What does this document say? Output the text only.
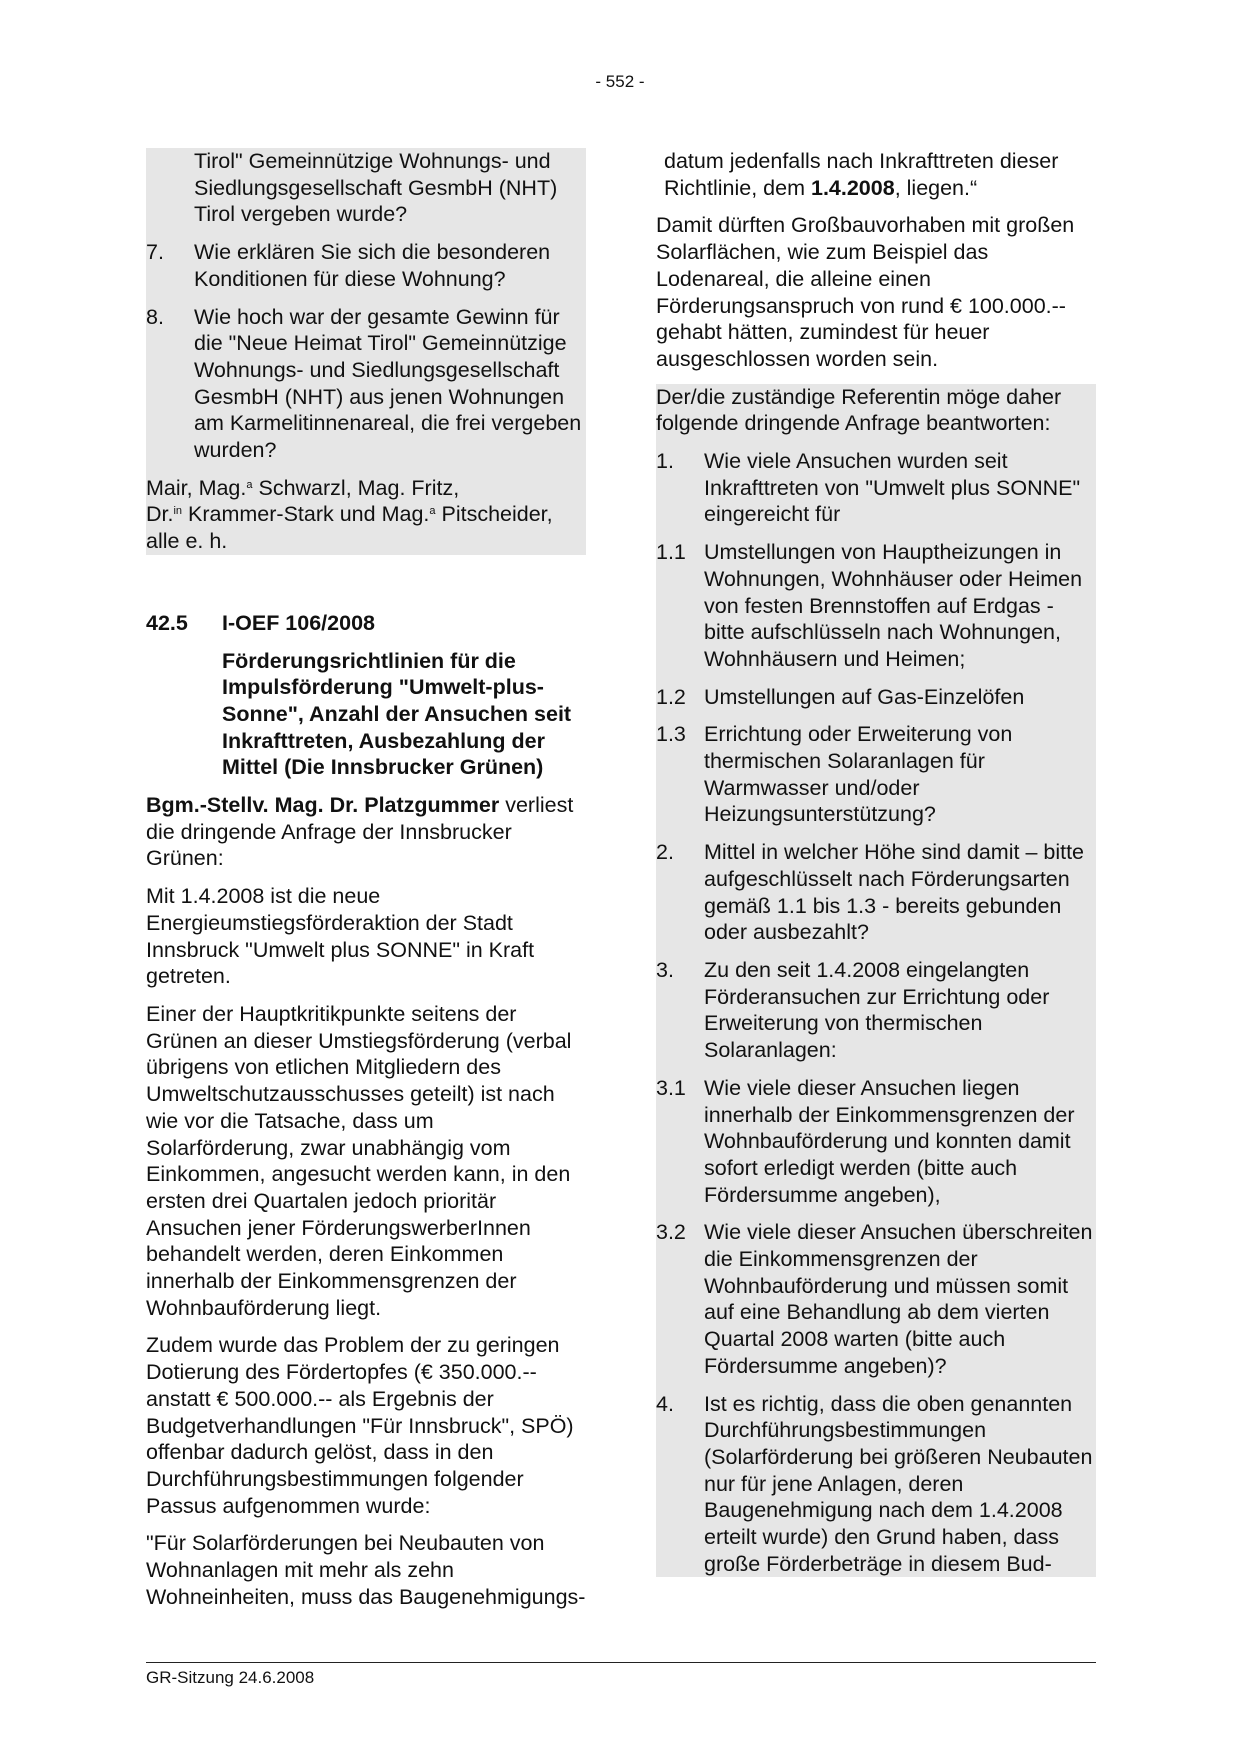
- 552 -
Tirol" Gemeinnützige Wohnungs- und Siedlungsgesellschaft GesmbH (NHT) Tirol vergeben wurde?
7.	Wie erklären Sie sich die besonderen Konditionen für diese Wohnung?
8.	Wie hoch war der gesamte Gewinn für die "Neue Heimat Tirol" Gemeinnützige Wohnungs- und Siedlungsgesellschaft GesmbH (NHT) aus jenen Wohnungen am Karmelitinnenareal, die frei vergeben wurden?

Mair, Mag.$^a$ Schwarzl, Mag. Fritz,
Dr.$^{in}$ Krammer-Stark und Mag.$^a$ Pitscheider, alle e. h.

42.5	I-OEF 106/2008

Förderungsrichtlinien für die Impulsförderung "Umwelt-plus-Sonne", Anzahl der Ansuchen seit Inkrafttreten, Ausbezahlung der Mittel (Die Innsbrucker Grünen)

Bgm.-Stellv. Mag. Dr. Platzgummer verliest die dringende Anfrage der Innsbrucker Grünen:

Mit 1.4.2008 ist die neue Energieumstiegsförderaktion der Stadt Innsbruck "Umwelt plus SONNE" in Kraft getreten.

Einer der Hauptkritikpunkte seitens der Grünen an dieser Umstiegsförderung (verbal übrigens von etlichen Mitgliedern des Umweltschutzausschusses geteilt) ist nach wie vor die Tatsache, dass um Solarförderung, zwar unabhängig vom Einkommen, angesucht werden kann, in den ersten drei Quartalen jedoch prioritär Ansuchen jener FörderungswerberInnen behandelt werden, deren Einkommen innerhalb der Einkommensgrenzen der Wohnbauförderung liegt.

Zudem wurde das Problem der zu geringen Dotierung des Fördertopfes (€ 350.000.-- anstatt € 500.000.-- als Ergebnis der Budgetverhandlungen "Für Innsbruck", SPÖ) offenbar dadurch gelöst, dass in den Durchführungsbestimmungen folgender Passus aufgenommen wurde:

"Für Solarförderungen bei Neubauten von Wohnanlagen mit mehr als zehn Wohneinheiten, muss das Baugenehmigungs-

datum jedenfalls nach Inkrafttreten dieser Richtlinie, dem 1.4.2008, liegen.“

Damit dürften Großbauvorhaben mit großen Solarflächen, wie zum Beispiel das Lodenareal, die alleine einen Förderungsanspruch von rund € 100.000.-- gehabt hätten, zumindest für heuer ausgeschlossen worden sein.

Der/die zuständige Referentin möge daher folgende dringende Anfrage beantworten:

1.	Wie viele Ansuchen wurden seit Inkrafttreten von "Umwelt plus SONNE" eingereicht für
1.1 Umstellungen von Hauptheizungen in Wohnungen, Wohnhäuser oder Heimen von festen Brennstoffen auf Erdgas - bitte aufschlüsseln nach Wohnungen, Wohnhäusern und Heimen;
1.2 Umstellungen auf Gas-Einzelöfen
1.3 Errichtung oder Erweiterung von thermischen Solaranlagen für Warmwasser und/oder Heizungsunterstützung?
2.	Mittel in welcher Höhe sind damit – bitte aufgeschlüsselt nach Förderungsarten gemäß 1.1 bis 1.3 - bereits gebunden oder ausbezahlt?
3.	Zu den seit 1.4.2008 eingelangten Förderansuchen zur Errichtung oder Erweiterung von thermischen Solaranlagen:
3.1 Wie viele dieser Ansuchen liegen innerhalb der Einkommensgrenzen der Wohnbauförderung und konnten damit sofort erledigt werden (bitte auch Fördersumme angeben),
3.2 Wie viele dieser Ansuchen überschreiten die Einkommensgrenzen der Wohnbauförderung und müssen somit auf eine Behandlung ab dem vierten Quartal 2008 warten (bitte auch Fördersumme angeben)?
4.	Ist es richtig, dass die oben genannten Durchführungsbestimmungen (Solarförderung bei größeren Neubauten nur für jene Anlagen, deren Baugenehmigung nach dem 1.4.2008 erteilt wurde) den Grund haben, dass große Förderbeträge in diesem Bud-
GR-Sitzung 24.6.2008
